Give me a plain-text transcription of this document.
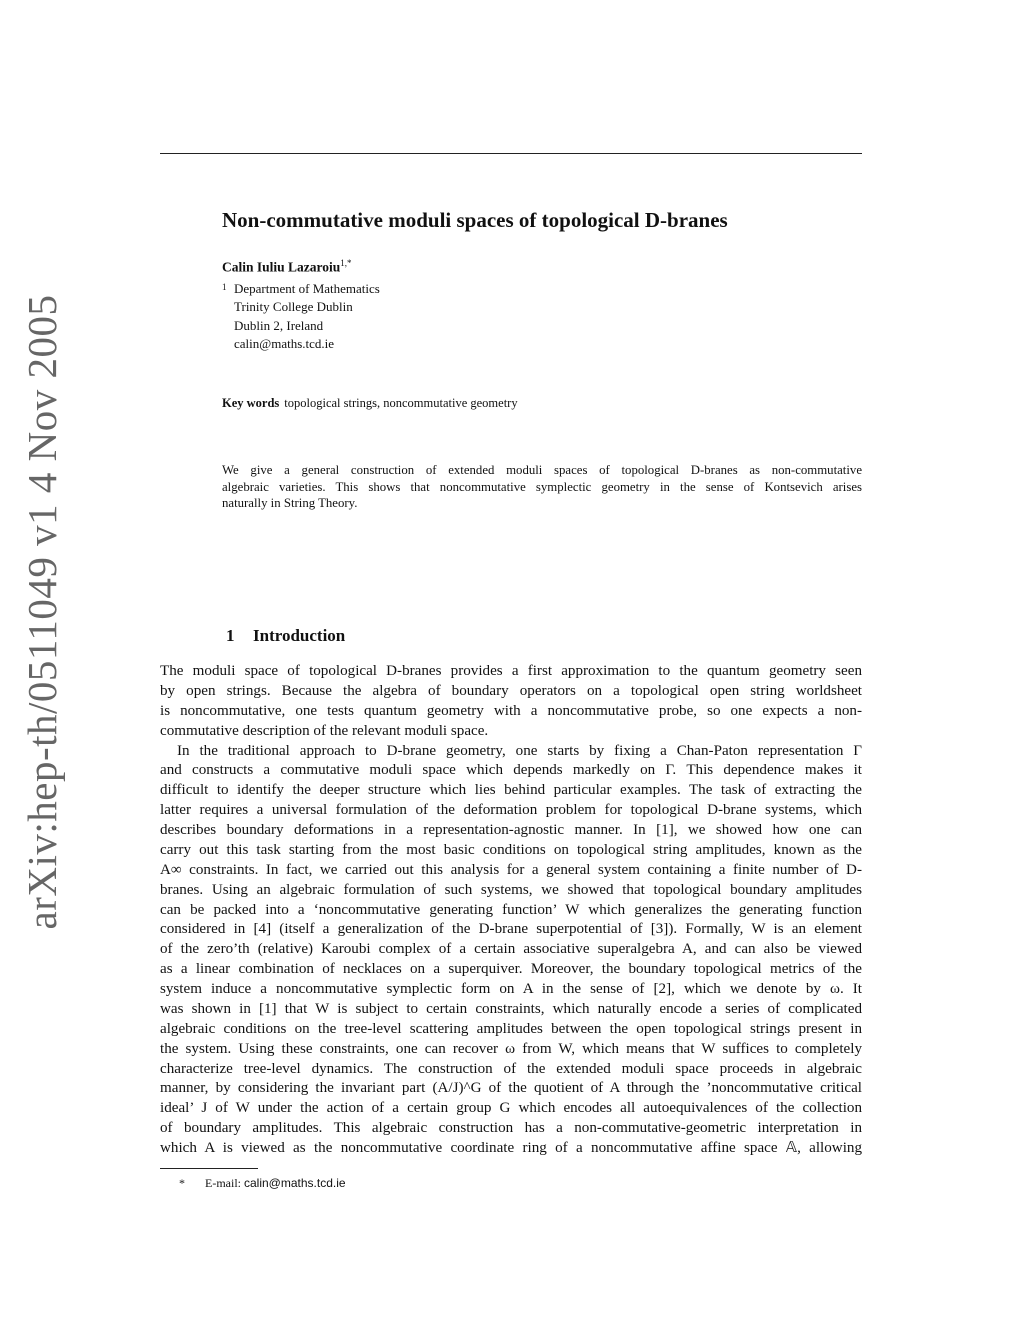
arXiv:hep-th/0511049 v1 4 Nov 2005
Non-commutative moduli spaces of topological D-branes
Calin Iuliu Lazaroiu$^{1,*}$
1 Department of Mathematics
Trinity College Dublin
Dublin 2, Ireland
calin@maths.tcd.ie
Key words topological strings, noncommutative geometry
We give a general construction of extended moduli spaces of topological D-branes as non-commutative
algebraic varieties. This shows that noncommutative symplectic geometry in the sense of Kontsevich arises
naturally in String Theory.
1 Introduction
The moduli space of topological D-branes provides a first approximation to the quantum geometry seen
by open strings. Because the algebra of boundary operators on a topological open string worldsheet
is noncommutative, one tests quantum geometry with a noncommutative probe, so one expects a non-
commutative description of the relevant moduli space.
In the traditional approach to D-brane geometry, one starts by fixing a Chan-Paton representation Γ
and constructs a commutative moduli space which depends markedly on Γ. This dependence makes it
difficult to identify the deeper structure which lies behind particular examples. The task of extracting the
latter requires a universal formulation of the deformation problem for topological D-brane systems, which
describes boundary deformations in a representation-agnostic manner. In [1], we showed how one can
carry out this task starting from the most basic conditions on topological string amplitudes, known as the
A∞ constraints. In fact, we carried out this analysis for a general system containing a finite number of D-
branes. Using an algebraic formulation of such systems, we showed that topological boundary amplitudes
can be packed into a ‘noncommutative generating function’ W which generalizes the generating function
considered in [4] (itself a generalization of the D-brane superpotential of [3]). Formally, W is an element
of the zero’th (relative) Karoubi complex of a certain associative superalgebra A, and can also be viewed
as a linear combination of necklaces on a superquiver. Moreover, the boundary topological metrics of the
system induce a noncommutative symplectic form on A in the sense of [2], which we denote by ω. It
was shown in [1] that W is subject to certain constraints, which naturally encode a series of complicated
algebraic conditions on the tree-level scattering amplitudes between the open topological strings present in
the system. Using these constraints, one can recover ω from W, which means that W suffices to completely
characterize tree-level dynamics. The construction of the extended moduli space proceeds in algebraic
manner, by considering the invariant part (A/J)^G of the quotient of A through the ’noncommutative critical
ideal’ J of W under the action of a certain group G which encodes all autoequivalences of the collection
of boundary amplitudes. This algebraic construction has a non-commutative-geometric interpretation in
which A is viewed as the noncommutative coordinate ring of a noncommutative affine space 𝔸, allowing
* E-mail: calin@maths.tcd.ie
